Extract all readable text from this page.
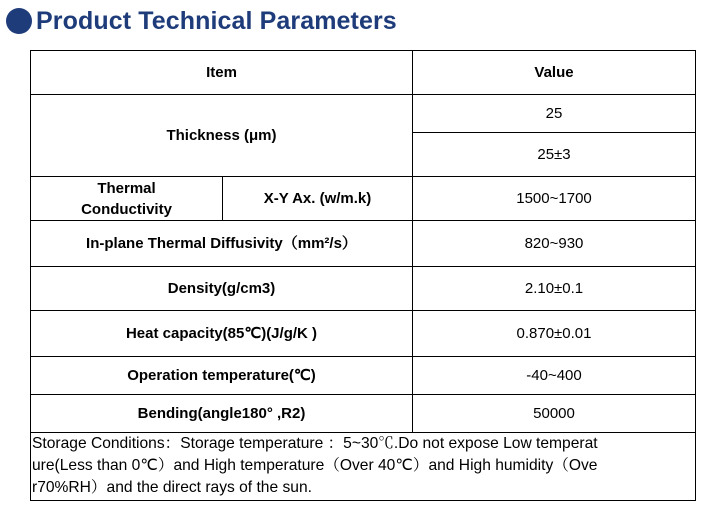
Product Technical Parameters
Item		Value
Thickness (μm)		25
		25±3
Thermal
Conductivity	X-Y Ax. (w/m.k)	1500~1700
In-plane Thermal Diffusivity（mm²/s）		820~930
Density(g/cm3)		2.10±0.1
Heat capacity(85℃)(J/g/K )		0.870±0.01
Operation temperature(℃)		-40~400
Bending(angle180° ,R2)		50000
Storage Conditions：Storage temperature ：5~30℃.Do not expose Low temperat
ure(Less than 0℃）and High temperature（Over 40℃）and High humidity（Ove
r70%RH）and the direct rays of the sun.		
